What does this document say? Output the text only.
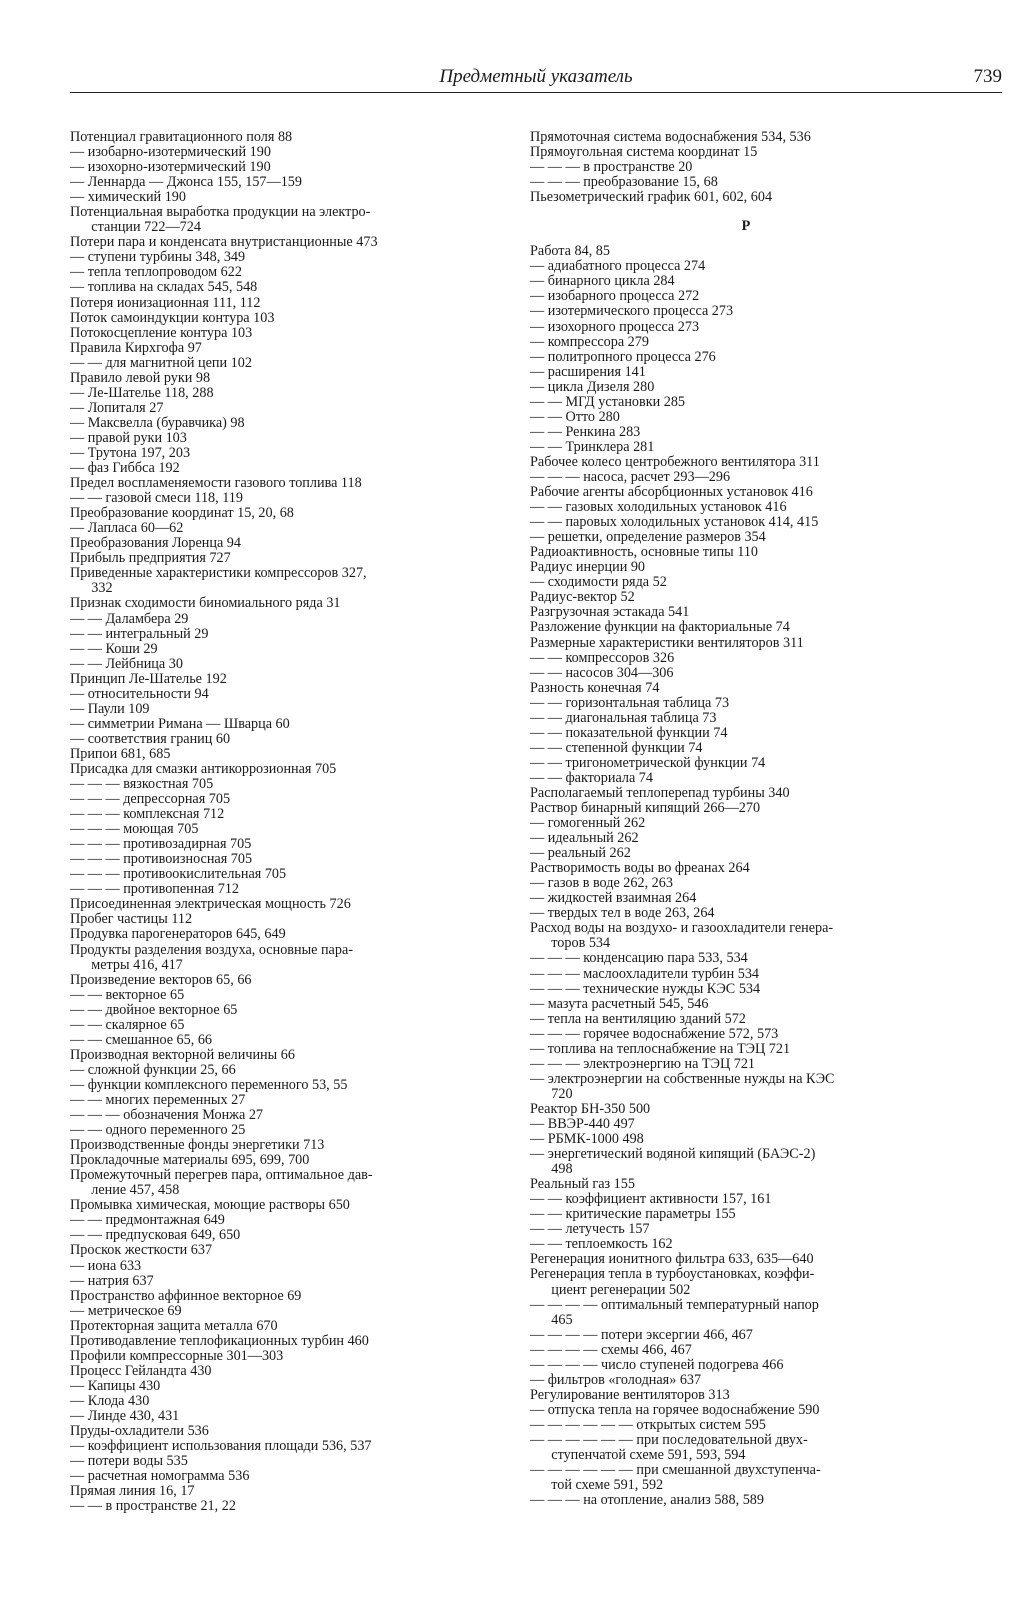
Предметный указатель	739
Потенциал гравитационного поля 88
— изобарно-изотермический 190
— изохорно-изотермический 190
— Леннарда — Джонса 155, 157—159
— химический 190
Потенциальная выработка продукции на электро-
станции 722—724
Потери пара и конденсата внутристанционные 473
— ступени турбины 348, 349
— тепла теплопроводом 622
— топлива на складах 545, 548
Потеря ионизационная 111, 112
Поток самоиндукции контура 103
Потокосцепление контура 103
Правила Кирхгофа 97
— — для магнитной цепи 102
Правило левой руки 98
— Ле-Шателье 118, 288
— Лопиталя 27
— Максвелла (буравчика) 98
— правой руки 103
— Трутона 197, 203
— фаз Гиббса 192
Предел воспламеняемости газового топлива 118
— — газовой смеси 118, 119
Преобразование координат 15, 20, 68
— Лапласа 60—62
Преобразования Лоренца 94
Прибыль предприятия 727
Приведенные характеристики компрессоров 327,
332
Признак сходимости биномиального ряда 31
— — Даламбера 29
— — интегральный 29
— — Коши 29
— — Лейбница 30
Принцип Ле-Шателье 192
— относительности 94
— Паули 109
— симметрии Римана — Шварца 60
— соответствия границ 60
Припои 681, 685
Присадка для смазки антикоррозионная 705
— — — вязкостная 705
— — — депрессорная 705
— — — комплексная 712
— — — моющая 705
— — — противозадирная 705
— — — противоизносная 705
— — — противоокислительная 705
— — — противопенная 712
Присоединенная электрическая мощность 726
Пробег частицы 112
Продувка парогенераторов 645, 649
Продукты разделения воздуха, основные пара-
метры 416, 417
Произведение векторов 65, 66
— — векторное 65
— — двойное векторное 65
— — скалярное 65
— — смешанное 65, 66
Производная векторной величины 66
— сложной функции 25, 66
— функции комплексного переменного 53, 55
— — многих переменных 27
— — — обозначения Монжа 27
— — одного переменного 25
Производственные фонды энергетики 713
Прокладочные материалы 695, 699, 700
Промежуточный перегрев пара, оптимальное дав-
ление 457, 458
Промывка химическая, моющие растворы 650
— — предмонтажная 649
— — предпусковая 649, 650
Проскок жесткости 637
— иона 633
— натрия 637
Пространство аффинное векторное 69
— метрическое 69
Протекторная защита металла 670
Противодавление теплофикационных турбин 460
Профили компрессорные 301—303
Процесс Гейландта 430
— Капицы 430
— Клода 430
— Линде 430, 431
Пруды-охладители 536
— коэффициент использования площади 536, 537
— потери воды 535
— расчетная номограмма 536
Прямая линия 16, 17
— — в пространстве 21, 22
Прямоточная система водоснабжения 534, 536
Прямоугольная система координат 15
— — — в пространстве 20
— — — преобразование 15, 68
Пьезометрический график 601, 602, 604
Р
Работа 84, 85
— адиабатного процесса 274
— бинарного цикла 284
— изобарного процесса 272
— изотермического процесса 273
— изохорного процесса 273
— компрессора 279
— политропного процесса 276
— расширения 141
— цикла Дизеля 280
— — МГД установки 285
— — Отто 280
— — Ренкина 283
— — Тринклера 281
Рабочее колесо центробежного вентилятора 311
— — — насоса, расчет 293—296
Рабочие агенты абсорбционных установок 416
— — газовых холодильных установок 416
— — паровых холодильных установок 414, 415
— решетки, определение размеров 354
Радиоактивность, основные типы 110
Радиус инерции 90
— сходимости ряда 52
Радиус-вектор 52
Разгрузочная эстакада 541
Разложение функции на факториальные 74
Размерные характеристики вентиляторов 311
— — компрессоров 326
— — насосов 304—306
Разность конечная 74
— — горизонтальная таблица 73
— — диагональная таблица 73
— — показательной функции 74
— — степенной функции 74
— — тригонометрической функции 74
— — факториала 74
Располагаемый теплоперепад турбины 340
Раствор бинарный кипящий 266—270
— гомогенный 262
— идеальный 262
— реальный 262
Растворимость воды во фреанах 264
— газов в воде 262, 263
— жидкостей взаимная 264
— твердых тел в воде 263, 264
Расход воды на воздухо- и газоохладители генера-
торов 534
— — — конденсацию пара 533, 534
— — — маслоохладители турбин 534
— — — технические нужды КЭС 534
— мазута расчетный 545, 546
— тепла на вентиляцию зданий 572
— — — горячее водоснабжение 572, 573
— топлива на теплоснабжение на ТЭЦ 721
— — — электроэнергию на ТЭЦ 721
— электроэнергии на собственные нужды на КЭС
720
Реактор БН-350 500
— ВВЭР-440 497
— РБМК-1000 498
— энергетический водяной кипящий (БАЭС-2)
498
Реальный газ 155
— — коэффициент активности 157, 161
— — критические параметры 155
— — летучесть 157
— — теплоемкость 162
Регенерация ионитного фильтра 633, 635—640
Регенерация тепла в турбоустановках, коэффи-
циент регенерации 502
— — — — оптимальный температурный напор
465
— — — — потери эксергии 466, 467
— — — — схемы 466, 467
— — — — число ступеней подогрева 466
— фильтров «голодная» 637
Регулирование вентиляторов 313
— отпуска тепла на горячее водоснабжение 590
— — — — — — открытых систем 595
— — — — — — при последовательной двух-
ступенчатой схеме 591, 593, 594
— — — — — — при смешанной двухступенча-
той схеме 591, 592
— — — на отопление, анализ 588, 589
